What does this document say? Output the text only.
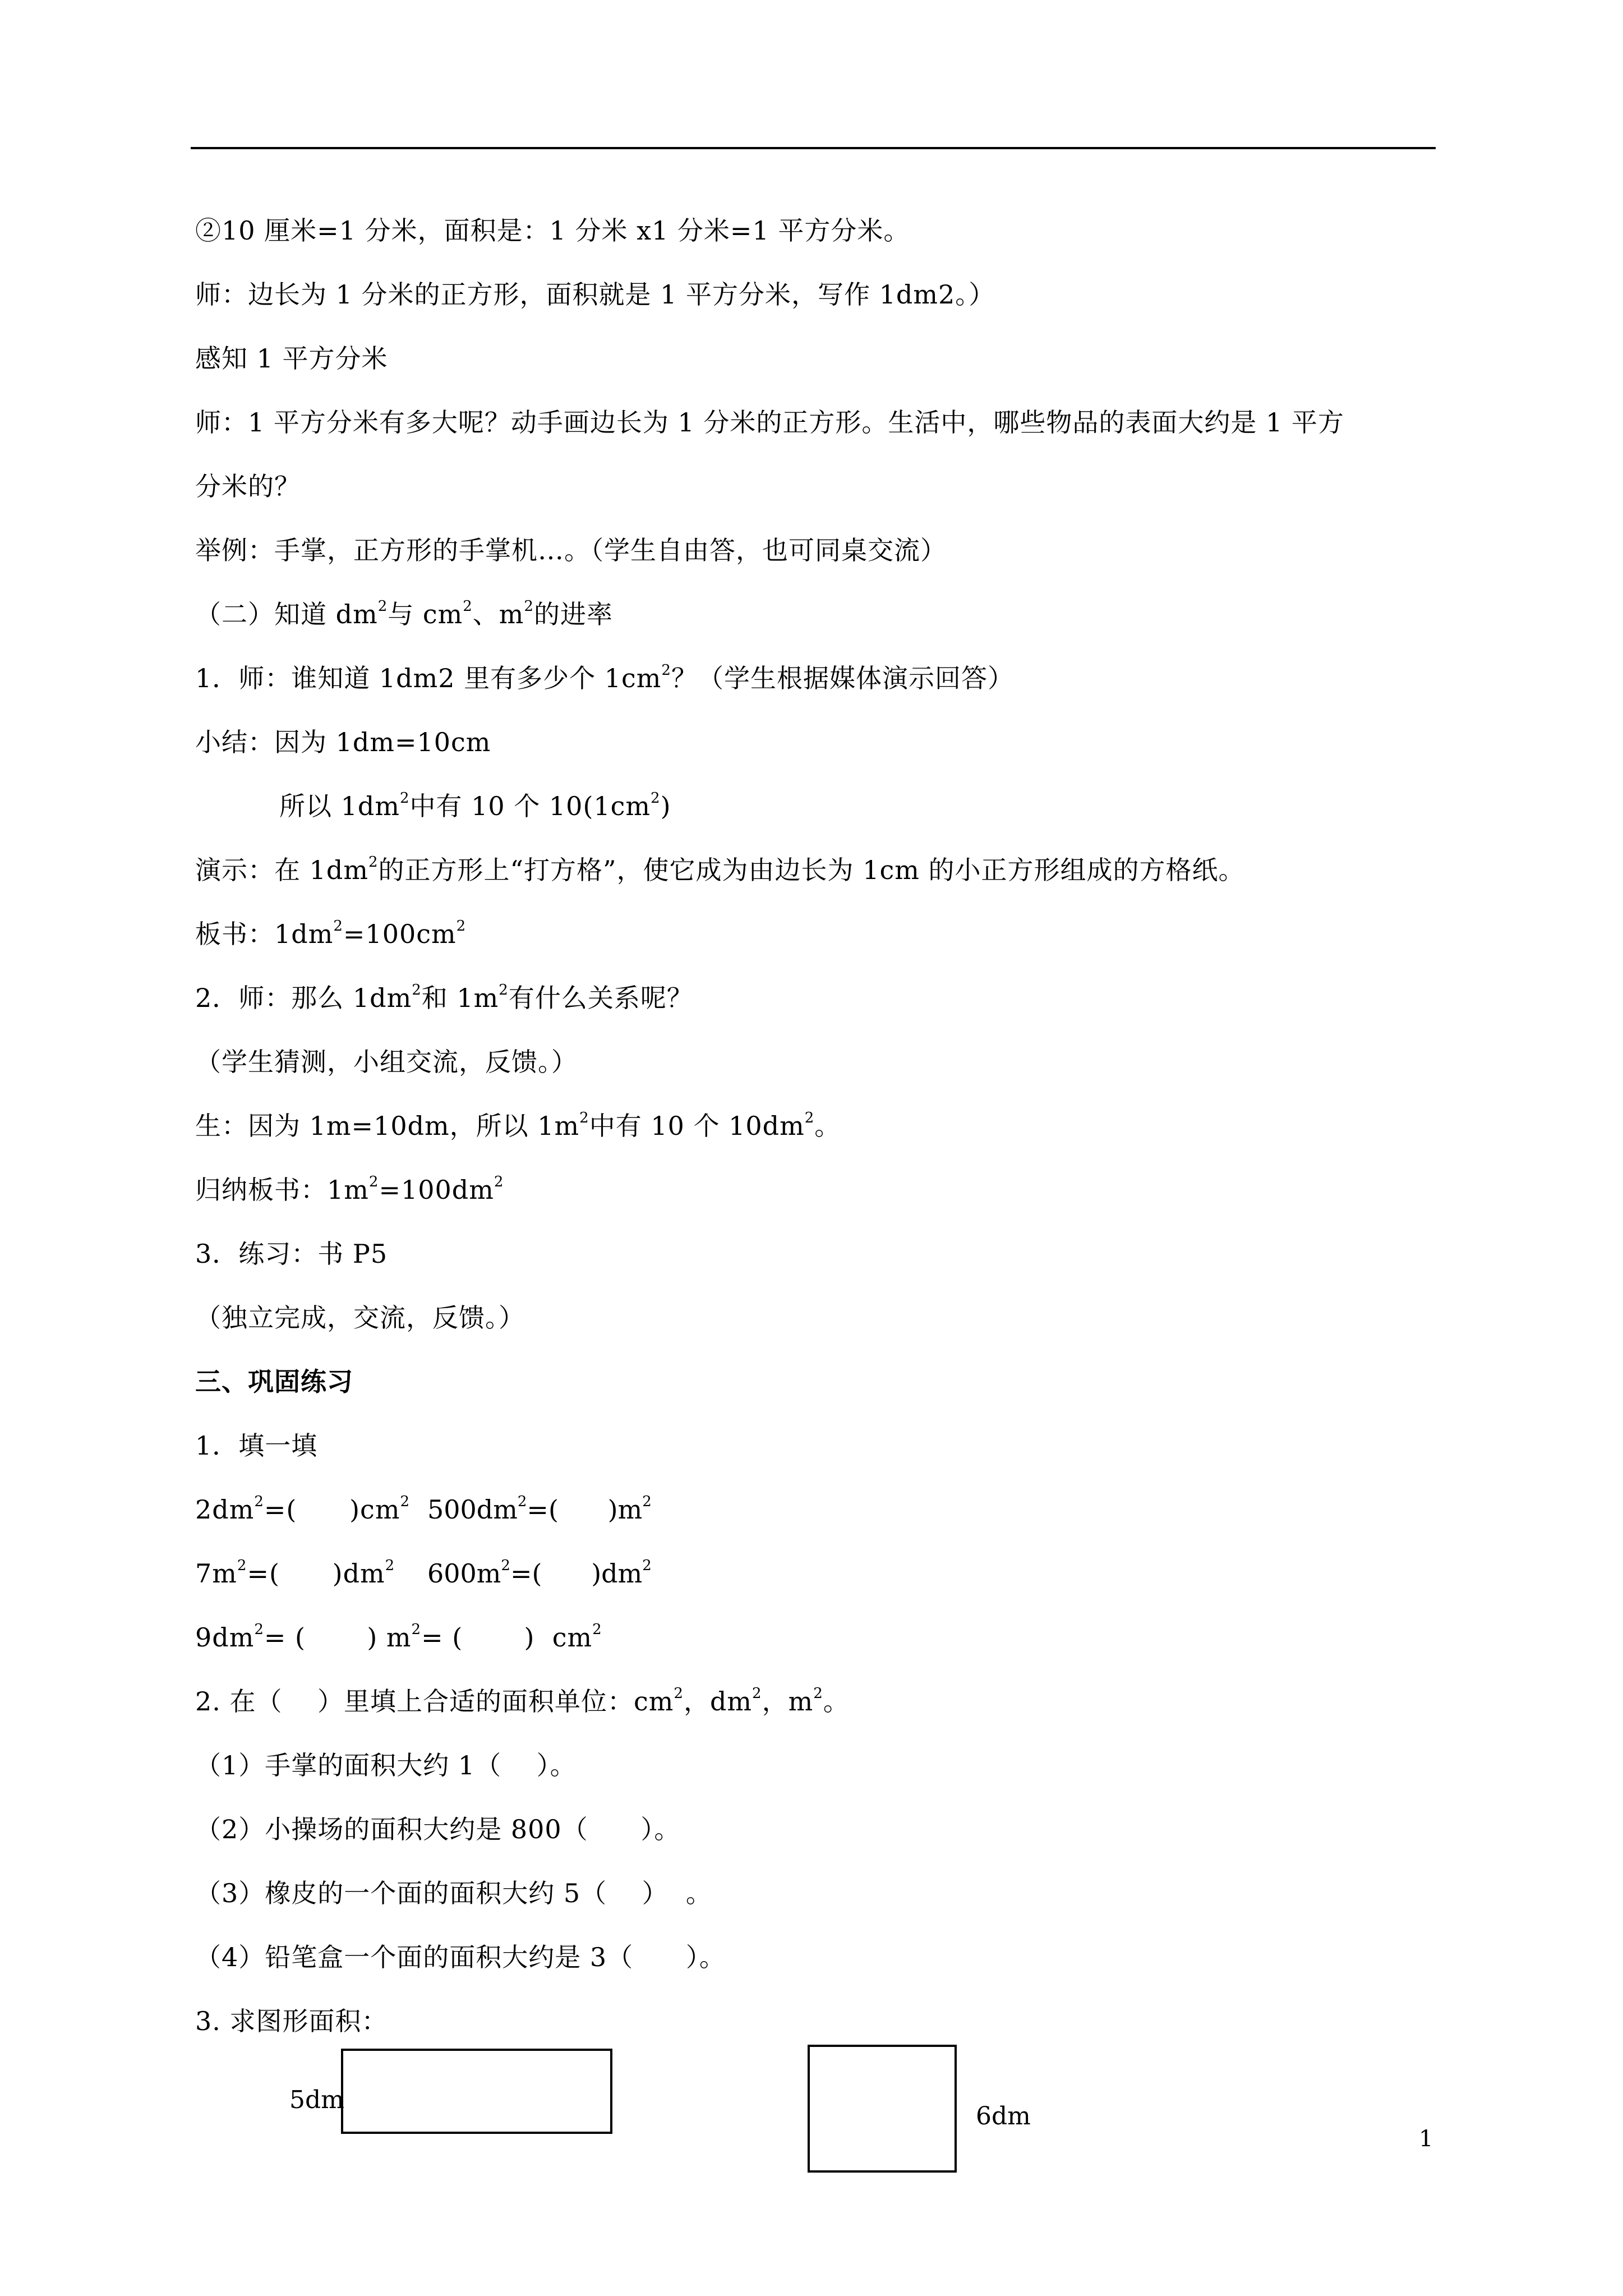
②10 厘米=1 分米，面积是：1 分米 x1 分米=1 平方分米。
师：边长为 1 分米的正方形，面积就是 1 平方分米，写作 1dm2。）
感知 1 平方分米
师：1 平方分米有多大呢？动手画边长为 1 分米的正方形。生活中，哪些物品的表面大约是 1 平方
分米的？
举例：手掌，正方形的手掌机…。（学生自由答，也可同桌交流）
（二）知道 $dm^2$与 $cm^2$、$m^2$的进率
1．师：谁知道 1dm2 里有多少个 $1cm^2$？（学生根据媒体演示回答）
小结：因为 1dm=10cm
所以 $1dm^2$中有 10 个 $10(1cm^2)$
演示：在 $1dm^2$的正方形上“打方格”，使它成为由边长为 1cm 的小正方形组成的方格纸。
板书：$1dm^2=100cm^2$
2．师：那么 $1dm^2$和 $1m^2$有什么关系呢？
（学生猜测，小组交流，反馈。）
生：因为 1m=10dm，所以 $1m^2$中有 10 个 $10dm^2$。
归纳板书：$1m^2=100dm^2$
3．练习：书 P5
（独立完成，交流，反馈。）
三、巩固练习
1．填一填
$2dm^2=$(      )$cm^2$ $500dm^2=$(      )$m^2$
$7m^2=$(      )$dm^2$ $600m^2=$(      )$dm^2$
$9dm^2=$ (       ) $m^2=$ (       )  $cm^2$
2. 在（    ）里填上合适的面积单位：$cm^2$，$dm^2$，$m^2$。
（1）手掌的面积大约 1（    ）。
（2）小操场的面积大约是 800（      ）。
（3）橡皮的一个面的面积大约 5（    ）  。
（4）铅笔盒一个面的面积大约是 3（      ）。
3. 求图形面积：
5dm
6dm
1
